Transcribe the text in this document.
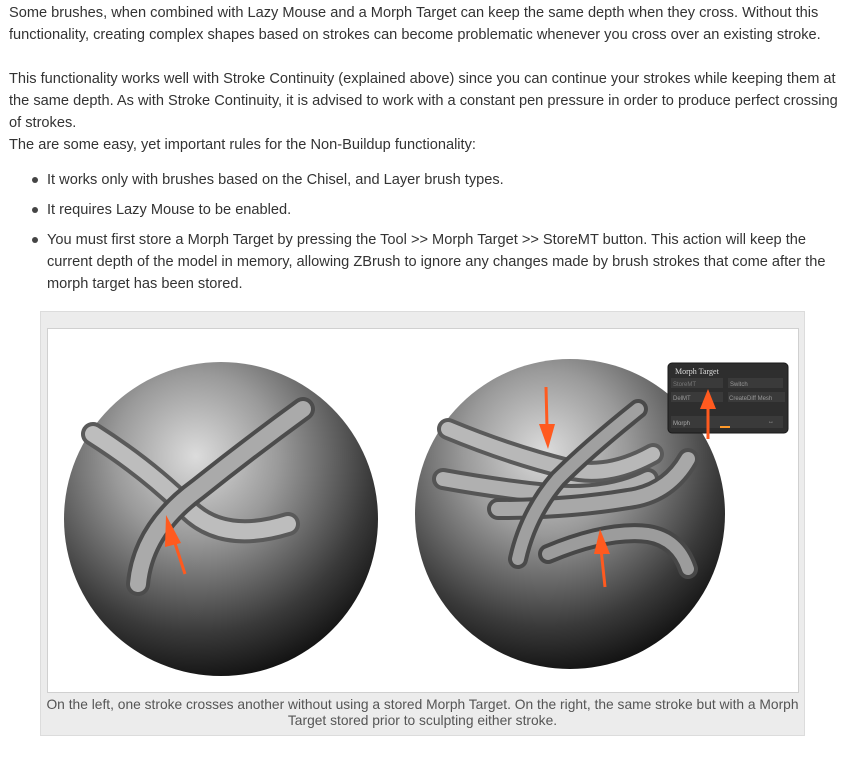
Some brushes, when combined with Lazy Mouse and a Morph Target can keep the same depth when they cross. Without this functionality, creating complex shapes based on strokes can become problematic whenever you cross over an existing stroke.

This functionality works well with Stroke Continuity (explained above) since you can continue your strokes while keeping them at the same depth. As with Stroke Continuity, it is advised to work with a constant pen pressure in order to produce perfect crossing of strokes.

The are some easy, yet important rules for the Non-Buildup functionality:

It works only with brushes based on the Chisel, and Layer brush types.
It requires Lazy Mouse to be enabled.
You must first store a Morph Target by pressing the Tool >> Morph Target >> StoreMT button. This action will keep the current depth of the model in memory, allowing ZBrush to ignore any changes made by brush strokes that come after the morph target has been stored.
Morph Target
StoreMT	Switch
DelMT	CreateDiff Mesh
Morph	↔
On the left, one stroke crosses another without using a stored Morph Target. On the right, the same stroke but with a Morph Target stored prior to sculpting either stroke.
